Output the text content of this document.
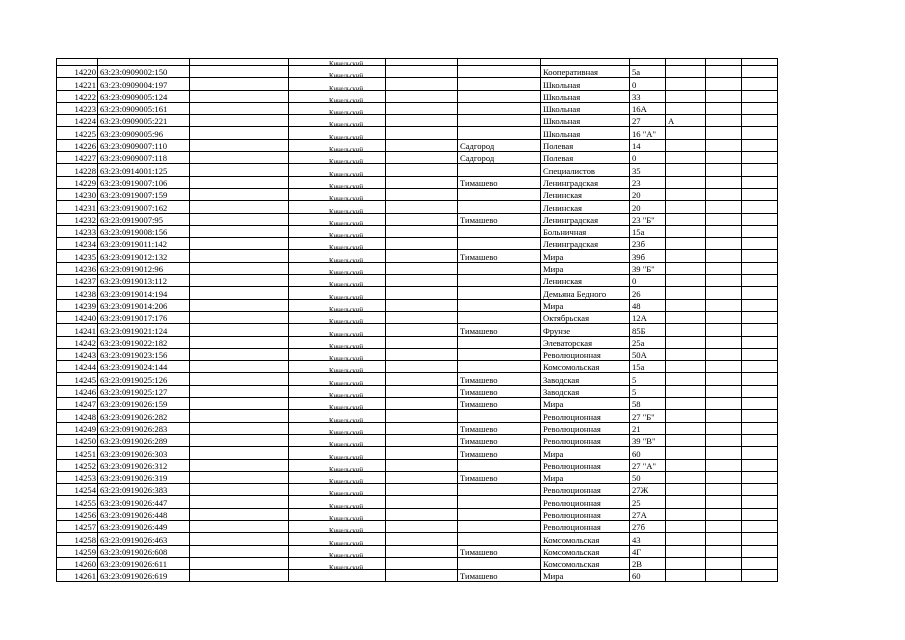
14220	63:23:0909002:150		Кинельский			Кооперативная	5а			
14221	63:23:0909004:197		Кинельский			Школьная	0			
14222	63:23:0909005:124		Кинельский			Школьная	33			
14223	63:23:0909005:161		Кинельский			Школьная	16А			
14224	63:23:0909005:221		Кинельский			Школьная	27	А		
14225	63:23:0909005:96		Кинельский			Школьная	16 "А"			
14226	63:23:0909007:110		Кинельский		Садгород	Полевая	14			
14227	63:23:0909007:118		Кинельский		Садгород	Полевая	0			
14228	63:23:0914001:125		Кинельский			Специалистов	35			
14229	63:23:0919007:106		Кинельский		Тимашево	Ленинградская	23			
14230	63:23:0919007:159		Кинельский			Ленинская	20			
14231	63:23:0919007:162		Кинельский			Ленинская	20			
14232	63:23:0919007:95		Кинельский		Тимашево	Ленинградская	23 "Б"			
14233	63:23:0919008:156		Кинельский			Больничная	15а			
14234	63:23:0919011:142		Кинельский			Ленинградская	23б			
14235	63:23:0919012:132		Кинельский		Тимашево	Мира	39б			
14236	63:23:0919012:96		Кинельский			Мира	39 "Б"			
14237	63:23:0919013:112		Кинельский			Ленинская	0			
14238	63:23:0919014:194		Кинельский			Демьяна Бедного	26			
14239	63:23:0919014:206		Кинельский			Мира	48			
14240	63:23:0919017:176		Кинельский			Октябрьская	12А			
14241	63:23:0919021:124		Кинельский		Тимашево	Фрунзе	85Б			
14242	63:23:0919022:182		Кинельский			Элеваторская	25а			
14243	63:23:0919023:156		Кинельский			Революционная	50А			
14244	63:23:0919024:144		Кинельский			Комсомольская	15а			
14245	63:23:0919025:126		Кинельский		Тимашево	Заводская	5			
14246	63:23:0919025:127		Кинельский		Тимашево	Заводская	5			
14247	63:23:0919026:159		Кинельский		Тимашево	Мира	58			
14248	63:23:0919026:282		Кинельский			Революционная	27 "Б"			
14249	63:23:0919026:283		Кинельский		Тимашево	Революционная	21			
14250	63:23:0919026:289		Кинельский		Тимашево	Революционная	39 "В"			
14251	63:23:0919026:303		Кинельский		Тимашево	Мира	60			
14252	63:23:0919026:312		Кинельский			Революционная	27 "А"			
14253	63:23:0919026:319		Кинельский		Тимашево	Мира	50			
14254	63:23:0919026:383		Кинельский			Революционная	27Ж			
14255	63:23:0919026:447		Кинельский			Революционная	25			
14256	63:23:0919026:448		Кинельский			Революционная	27А			
14257	63:23:0919026:449		Кинельский			Революционная	27б			
14258	63:23:0919026:463		Кинельский			Комсомольская	43			
14259	63:23:0919026:608		Кинельский		Тимашево	Комсомольская	4Г			
14260	63:23:0919026:611		Кинельский			Комсомольская	2В			
14261	63:23:0919026:619		Кинельский		Тимашево	Мира	60			
